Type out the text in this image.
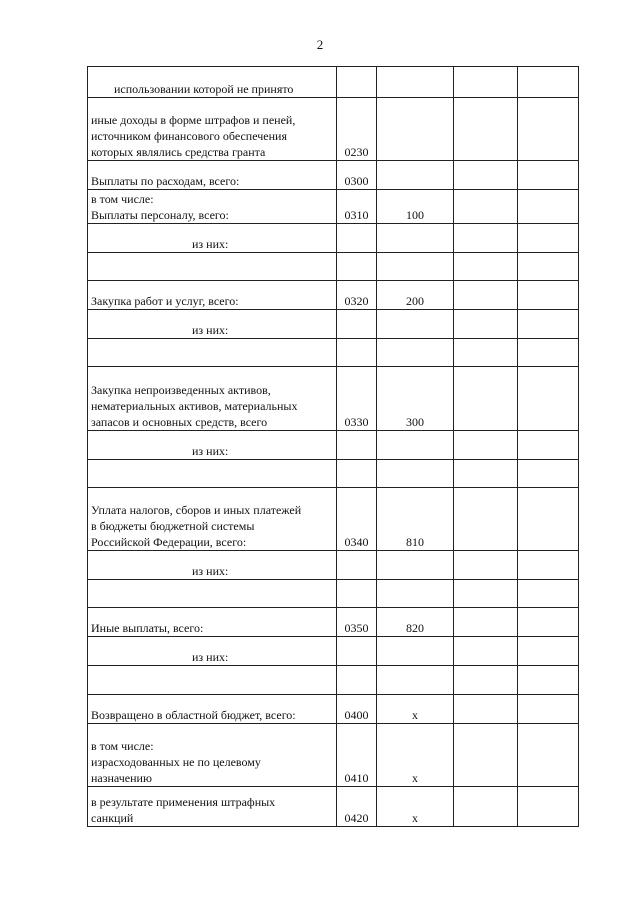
2
использовании которой не принято				

иные доходы в форме штрафов и пеней,
источником финансового обеспечения
которых являлись средства гранта	0230			

Выплаты по расходам, всего:	0300			

в том числе:
Выплаты персоналу, всего:	0310	100		

из них:				

Закупка работ и услуг, всего:	0320	200		

из них:				

Закупка непроизведенных активов,
нематериальных активов, материальных
запасов и основных средств, всего	0330	300		

из них:				

Уплата налогов, сборов и иных платежей
в бюджеты бюджетной системы
Российской Федерации, всего:	0340	810		

из них:				

Иные выплаты, всего:	0350	820		

из них:				

Возвращено в областной бюджет, всего:	0400	x		

в том числе:
израсходованных не по целевому
назначению	0410	x		

в результате применения штрафных
санкций	0420	x		
